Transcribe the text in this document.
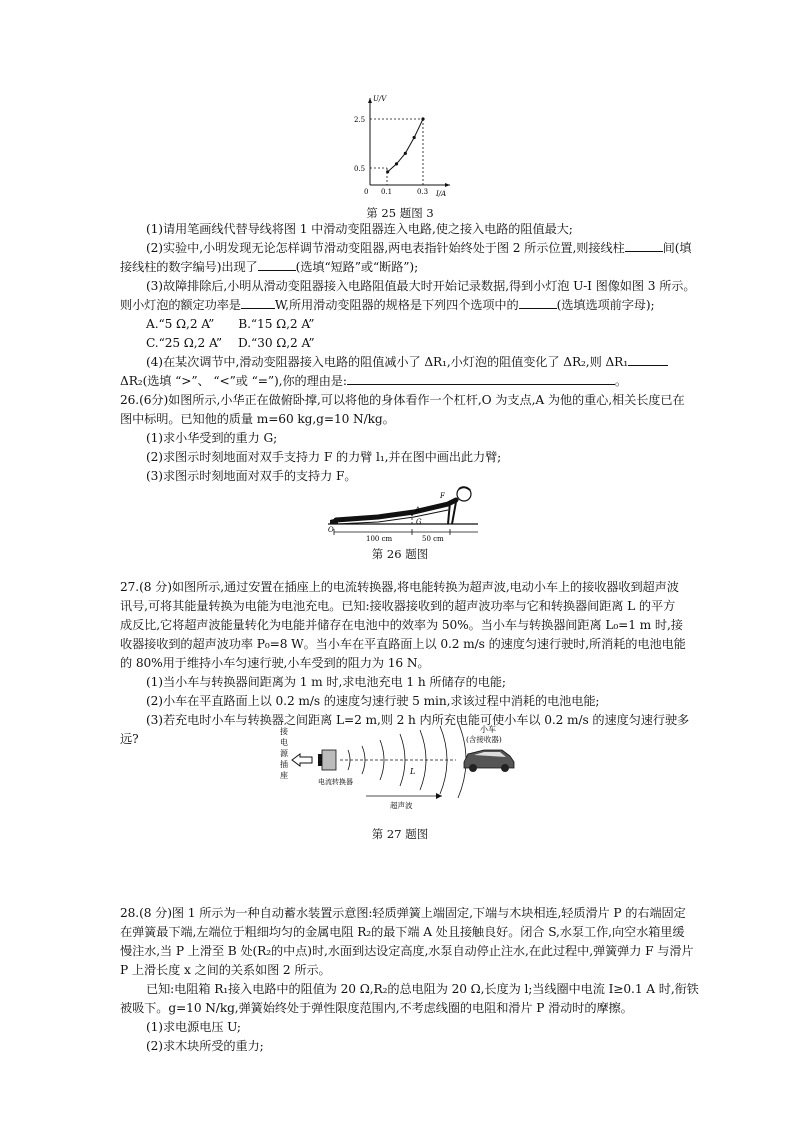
U/V
I/A
0
2.5
0.5
0.1	0.3
第 25 题图 3
(1)请用笔画线代替导线将图 1 中滑动变阻器连入电路,使之接入电路的阻值最大;
(2)实验中,小明发现无论怎样调节滑动变阻器,两电表指针始终处于图 2 所示位置,则接线柱	间(填
接线柱的数字编号)出现了	(选填“短路”或“断路”);
(3)故障排除后,小明从滑动变阻器接入电路阻值最大时开始记录数据,得到小灯泡 U-I 图像如图 3 所示。
则小灯泡的额定功率是	W,所用滑动变阻器的规格是下列四个选项中的	(选填选项前字母);
A.“5 Ω,2 A” B.“15 Ω,2 A”
C.“25 Ω,2 A” D.“30 Ω,2 A”
(4)在某次调节中,滑动变阻器接入电路的阻值减小了 ΔR₁,小灯泡的阻值变化了 ΔR₂,则 ΔR₁
ΔR₂(选填 “>”、 “<”或 “=”),你的理由是:	。
26.(6分)如图所示,小华正在做俯卧撑,可以将他的身体看作一个杠杆,O 为支点,A 为他的重心,相关长度已在
图中标明。已知他的质量 m=60 kg,g=10 N/kg。
(1)求小华受到的重力 G;
(2)求图示时刻地面对双手支持力 F 的力臂 l₁,并在图中画出此力臂;
(3)求图示时刻地面对双手的支持力 F。
A
F
G
O
100 cm	50 cm
第 26 题图
27.(8 分)如图所示,通过安置在插座上的电流转换器,将电能转换为超声波,电动小车上的接收器收到超声波
讯号,可将其能量转换为电能为电池充电。已知:接收器接收到的超声波功率与它和转换器间距离 L 的平方
成反比,它将超声波能量转化为电能并储存在电池中的效率为 50%。当小车与转换器间距离 L₀=1 m 时,接
收器接收到的超声波功率 P₀=8 W。当小车在平直路面上以 0.2 m/s 的速度匀速行驶时,所消耗的电池电能
的 80%用于维持小车匀速行驶,小车受到的阻力为 16 N。
(1)当小车与转换器间距离为 1 m 时,求电池充电 1 h 所储存的电能;
(2)小车在平直路面上以 0.2 m/s 的速度匀速行驶 5 min,求该过程中消耗的电池电能;
(3)若充电时小车与转换器之间距离 L=2 m,则 2 h 内所充电能可使小车以 0.2 m/s 的速度匀速行驶多
远?
接
电
源
插
座
电流转换器
L
小车
(含接收器)
超声波
第 27 题图
28.(8 分)图 1 所示为一种自动蓄水装置示意图:轻质弹簧上端固定,下端与木块相连,轻质滑片 P 的右端固定
在弹簧最下端,左端位于粗细均匀的金属电阻 R₂的最下端 A 处且接触良好。闭合 S,水泵工作,向空水箱里缓
慢注水,当 P 上滑至 B 处(R₂的中点)时,水面到达设定高度,水泵自动停止注水,在此过程中,弹簧弹力 F 与滑片
P 上滑长度 x 之间的关系如图 2 所示。
已知:电阻箱 R₁接入电路中的阻值为 20 Ω,R₂的总电阻为 20 Ω,长度为 l;当线圈中电流 I≥0.1 A 时,衔铁
被吸下。g=10 N/kg,弹簧始终处于弹性限度范围内,不考虑线圈的电阻和滑片 P 滑动时的摩擦。
(1)求电源电压 U;
(2)求木块所受的重力;
